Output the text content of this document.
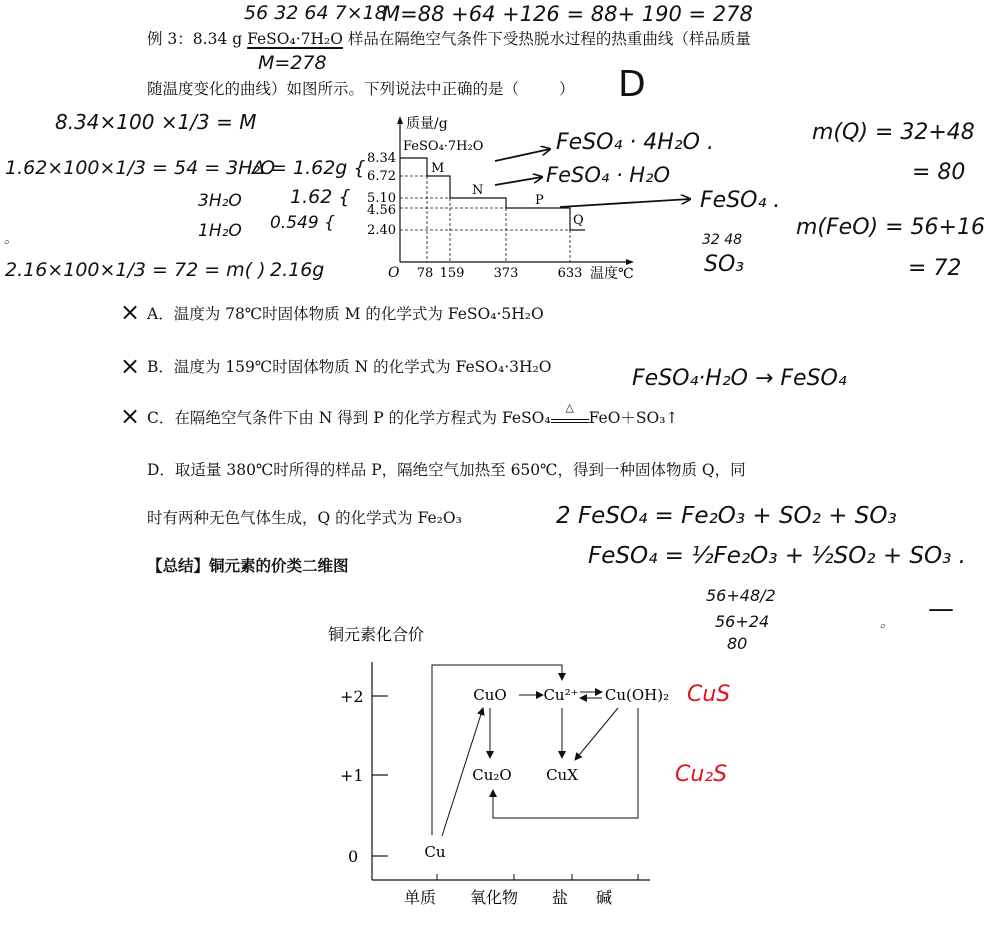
例 3：8.34 g FeSO₄·7H₂O 样品在隔绝空气条件下受热脱水过程的热重曲线（样品质量
随温度变化的曲线）如图所示。下列说法中正确的是（	）
质量/g
FeSO₄·7H₂O
8.34
6.72
5.10
4.56
2.40
M
N
P
Q
O 78 159 373	633 温度℃
A．温度为 78℃时固体物质 M 的化学式为 FeSO₄·5H₂O
B．温度为 159℃时固体物质 N 的化学式为 FeSO₄·3H₂O
C．在隔绝空气条件下由 N 得到 P 的化学方程式为 FeSO₄
△
FeO＋SO₃↑
D．取适量 380℃时所得的样品 P，隔绝空气加热至 650℃，得到一种固体物质 Q，同
时有两种无色气体生成，Q 的化学式为 Fe₂O₃
【总结】铜元素的价类二维图
铜元素化合价
+2
+1
0
单质 氧化物 盐 碱
CuO Cu²⁺ Cu(OH)₂
Cu₂O CuX
Cu
56 32 64 7×18
M=88 +64 +126 = 88+ 190 = 278
M=278
D
8.34×100 ×1/3 = M
1.62×100×1/3 = 54 = 3H₂O
3H₂O
1H₂O
。
2.16×100×1/3 = 72 = m( )
Δ = 1.62g {
1.62 {
0.549 {
2.16g
FeSO₄ · 4H₂O .
FeSO₄ · H₂O
FeSO₄ .
32 48
SO₃
m(Q) = 32+48
= 80
m(FeO) = 56+16
= 72
×
×
×
FeSO₄·H₂O → FeSO₄
2 FeSO₄ = Fe₂O₃ + SO₂ + SO₃
FeSO₄ = ½Fe₂O₃ + ½SO₂ + SO₃ .
56+48/2
56+24
80
。 —
CuS
Cu₂S
